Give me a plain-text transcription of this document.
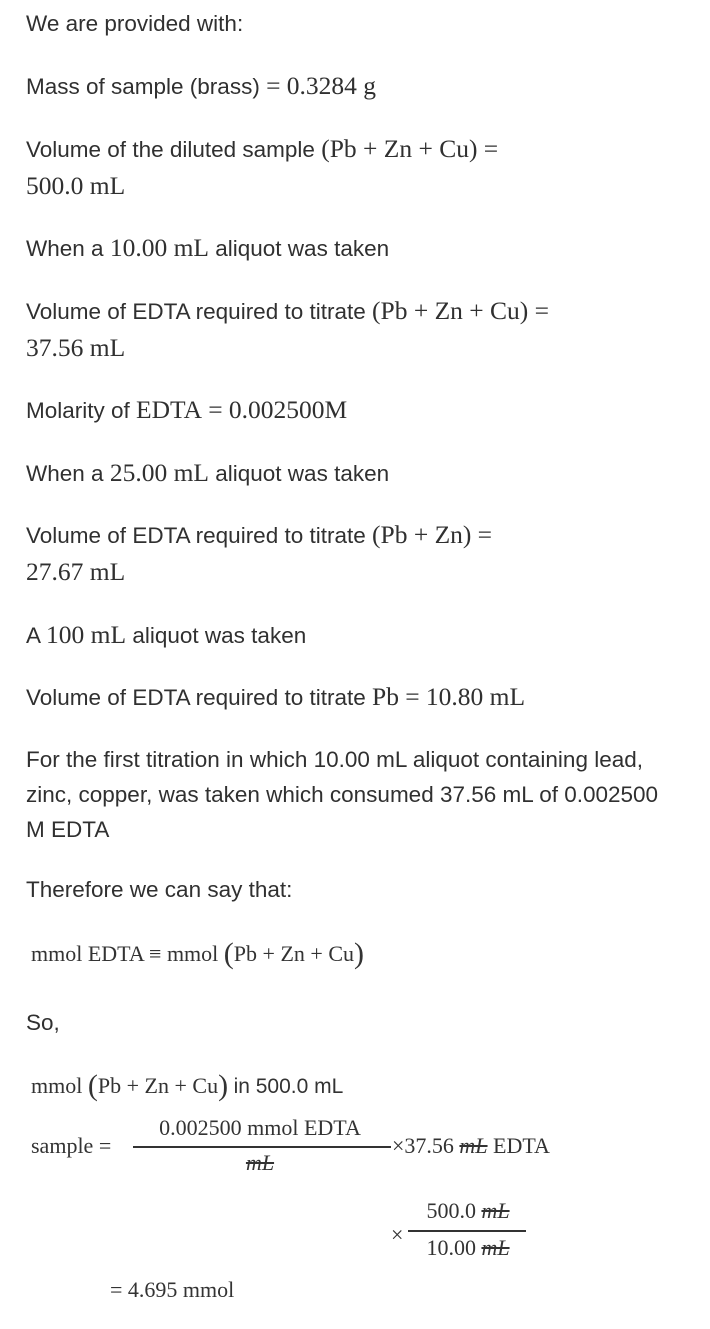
We are provided with:
Mass of sample (brass) = 0.3284 g
Volume of the diluted sample (Pb + Zn + Cu) =
500.0 mL
When a 10.00 mL aliquot was taken
Volume of EDTA required to titrate (Pb + Zn + Cu) =
37.56 mL
Molarity of EDTA = 0.002500M
When a 25.00 mL aliquot was taken
Volume of EDTA required to titrate (Pb + Zn) =
27.67 mL
A 100 mL aliquot was taken
Volume of EDTA required to titrate Pb = 10.80 mL
For the first titration in which 10.00 mL aliquot containing lead, zinc, copper, was taken which consumed 37.56 mL of 0.002500 M EDTA
Therefore we can say that:
mmol EDTA ≡ mmol (Pb + Zn + Cu)
So,
mmol (Pb + Zn + Cu) in 500.0 mL
sample =
0.002500 mmol EDTA
mL
×37.56 mL EDTA
×
500.0 mL
10.00 mL
= 4.695 mmol
